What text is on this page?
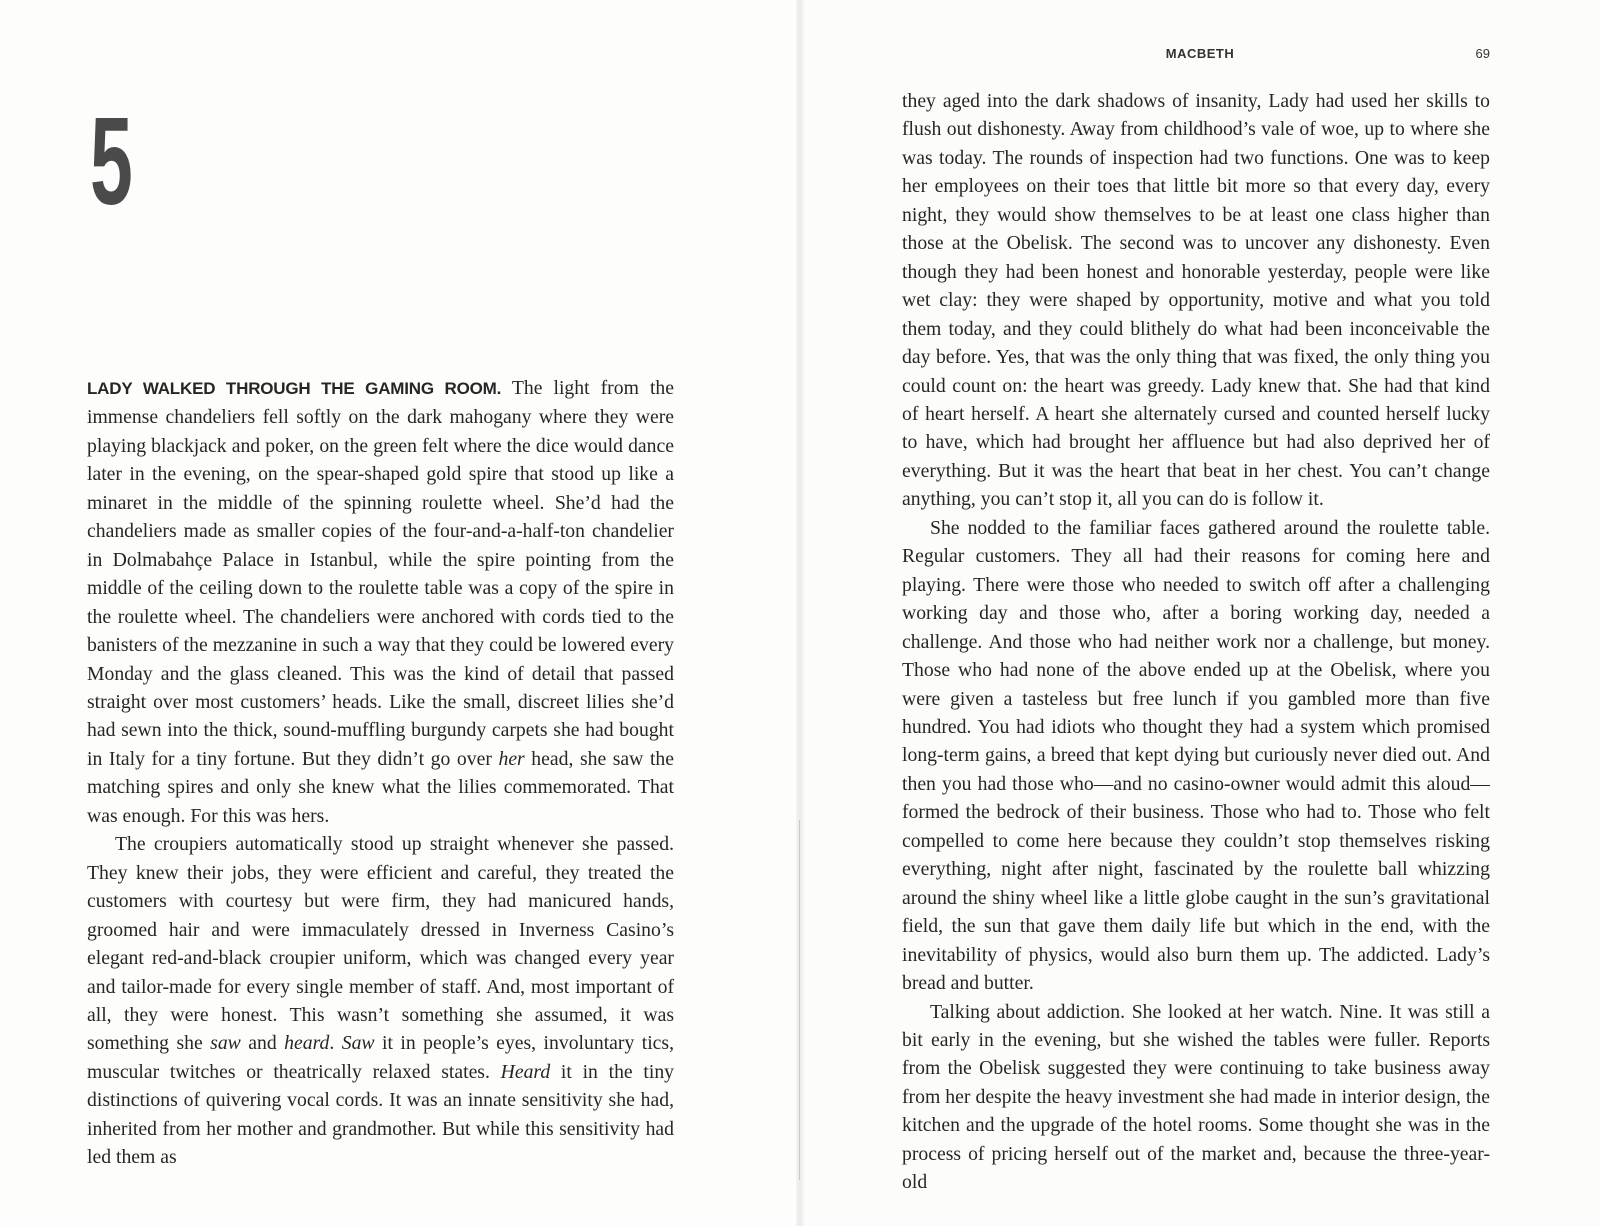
5
MACBETH	69

LADY WALKED THROUGH THE GAMING ROOM. The light from the immense chandeliers fell softly on the dark mahogany where they were playing blackjack and poker, on the green felt where the dice would dance later in the evening, on the spear-shaped gold spire that stood up like a minaret in the middle of the spinning roulette wheel. She’d had the chandeliers made as smaller copies of the four-and-a-half-ton chandelier in Dolmabahçe Palace in Istanbul, while the spire pointing from the middle of the ceiling down to the roulette table was a copy of the spire in the roulette wheel. The chandeliers were anchored with cords tied to the banisters of the mezzanine in such a way that they could be lowered every Monday and the glass cleaned. This was the kind of detail that passed straight over most customers’ heads. Like the small, discreet lilies she’d had sewn into the thick, sound-muffling burgundy carpets she had bought in Italy for a tiny fortune. But they didn’t go over her head, she saw the matching spires and only she knew what the lilies commemorated. That was enough. For this was hers.

The croupiers automatically stood up straight whenever she passed. They knew their jobs, they were efficient and careful, they treated the customers with courtesy but were firm, they had manicured hands, groomed hair and were immaculately dressed in Inverness Casino’s elegant red-and-black croupier uniform, which was changed every year and tailor-made for every single member of staff. And, most important of all, they were honest. This wasn’t something she assumed, it was something she saw and heard. Saw it in people’s eyes, involuntary tics, muscular twitches or theatrically relaxed states. Heard it in the tiny distinctions of quivering vocal cords. It was an innate sensitivity she had, inherited from her mother and grandmother. But while this sensitivity had led them as

they aged into the dark shadows of insanity, Lady had used her skills to flush out dishonesty. Away from childhood’s vale of woe, up to where she was today. The rounds of inspection had two functions. One was to keep her employees on their toes that little bit more so that every day, every night, they would show themselves to be at least one class higher than those at the Obelisk. The second was to uncover any dishonesty. Even though they had been honest and honorable yesterday, people were like wet clay: they were shaped by opportunity, motive and what you told them today, and they could blithely do what had been inconceivable the day before. Yes, that was the only thing that was fixed, the only thing you could count on: the heart was greedy. Lady knew that. She had that kind of heart herself. A heart she alternately cursed and counted herself lucky to have, which had brought her affluence but had also deprived her of everything. But it was the heart that beat in her chest. You can’t change anything, you can’t stop it, all you can do is follow it.

She nodded to the familiar faces gathered around the roulette table. Regular customers. They all had their reasons for coming here and playing. There were those who needed to switch off after a challenging working day and those who, after a boring working day, needed a challenge. And those who had neither work nor a challenge, but money. Those who had none of the above ended up at the Obelisk, where you were given a tasteless but free lunch if you gambled more than five hundred. You had idiots who thought they had a system which promised long-term gains, a breed that kept dying but curiously never died out. And then you had those who—and no casino-owner would admit this aloud—formed the bedrock of their business. Those who had to. Those who felt compelled to come here because they couldn’t stop themselves risking everything, night after night, fascinated by the roulette ball whizzing around the shiny wheel like a little globe caught in the sun’s gravitational field, the sun that gave them daily life but which in the end, with the inevitability of physics, would also burn them up. The addicted. Lady’s bread and butter.

Talking about addiction. She looked at her watch. Nine. It was still a bit early in the evening, but she wished the tables were fuller. Reports from the Obelisk suggested they were continuing to take business away from her despite the heavy investment she had made in interior design, the kitchen and the upgrade of the hotel rooms. Some thought she was in the process of pricing herself out of the market and, because the three-year-old
